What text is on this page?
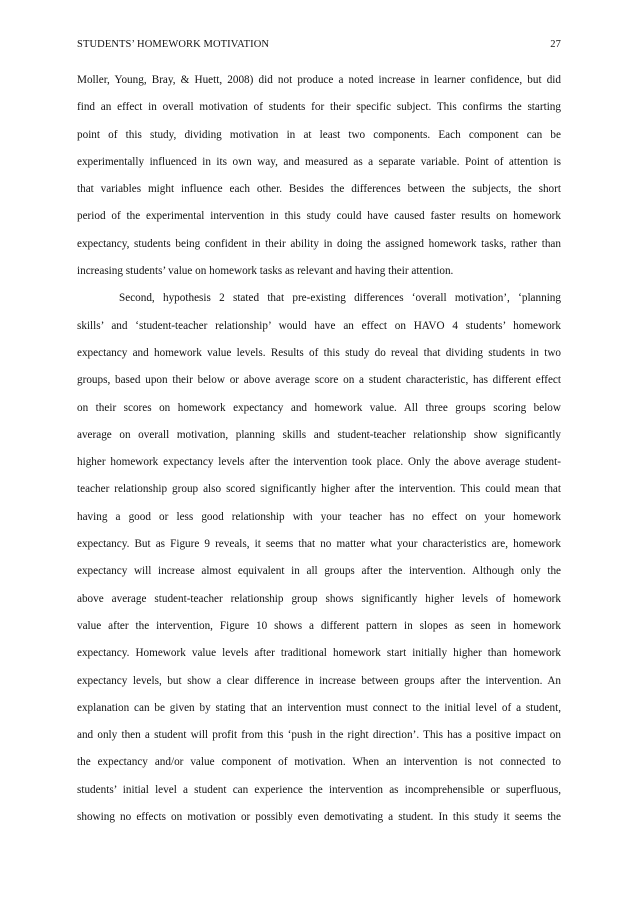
STUDENTS’ HOMEWORK MOTIVATION	27
Moller, Young, Bray, & Huett, 2008) did not produce a noted increase in learner confidence, but did
find an effect in overall motivation of students for their specific subject. This confirms the starting
point of this study, dividing motivation in at least two components. Each component can be
experimentally influenced in its own way, and measured as a separate variable. Point of attention is
that variables might influence each other. Besides the differences between the subjects, the short
period of the experimental intervention in this study could have caused faster results on homework
expectancy, students being confident in their ability in doing the assigned homework tasks, rather than
increasing students’ value on homework tasks as relevant and having their attention.
Second, hypothesis 2 stated that pre-existing differences ‘overall motivation’, ‘planning
skills’ and ‘student-teacher relationship’ would have an effect on HAVO 4 students’ homework
expectancy and homework value levels. Results of this study do reveal that dividing students in two
groups, based upon their below or above average score on a student characteristic, has different effect
on their scores on homework expectancy and homework value. All three groups scoring below
average on overall motivation, planning skills and student-teacher relationship show significantly
higher homework expectancy levels after the intervention took place. Only the above average student-
teacher relationship group also scored significantly higher after the intervention. This could mean that
having a good or less good relationship with your teacher has no effect on your homework
expectancy. But as Figure 9 reveals, it seems that no matter what your characteristics are, homework
expectancy will increase almost equivalent in all groups after the intervention. Although only the
above average student-teacher relationship group shows significantly higher levels of homework
value after the intervention, Figure 10 shows a different pattern in slopes as seen in homework
expectancy. Homework value levels after traditional homework start initially higher than homework
expectancy levels, but show a clear difference in increase between groups after the intervention. An
explanation can be given by stating that an intervention must connect to the initial level of a student,
and only then a student will profit from this ‘push in the right direction’. This has a positive impact on
the expectancy and/or value component of motivation. When an intervention is not connected to
students’ initial level a student can experience the intervention as incomprehensible or superfluous,
showing no effects on motivation or possibly even demotivating a student. In this study it seems the
